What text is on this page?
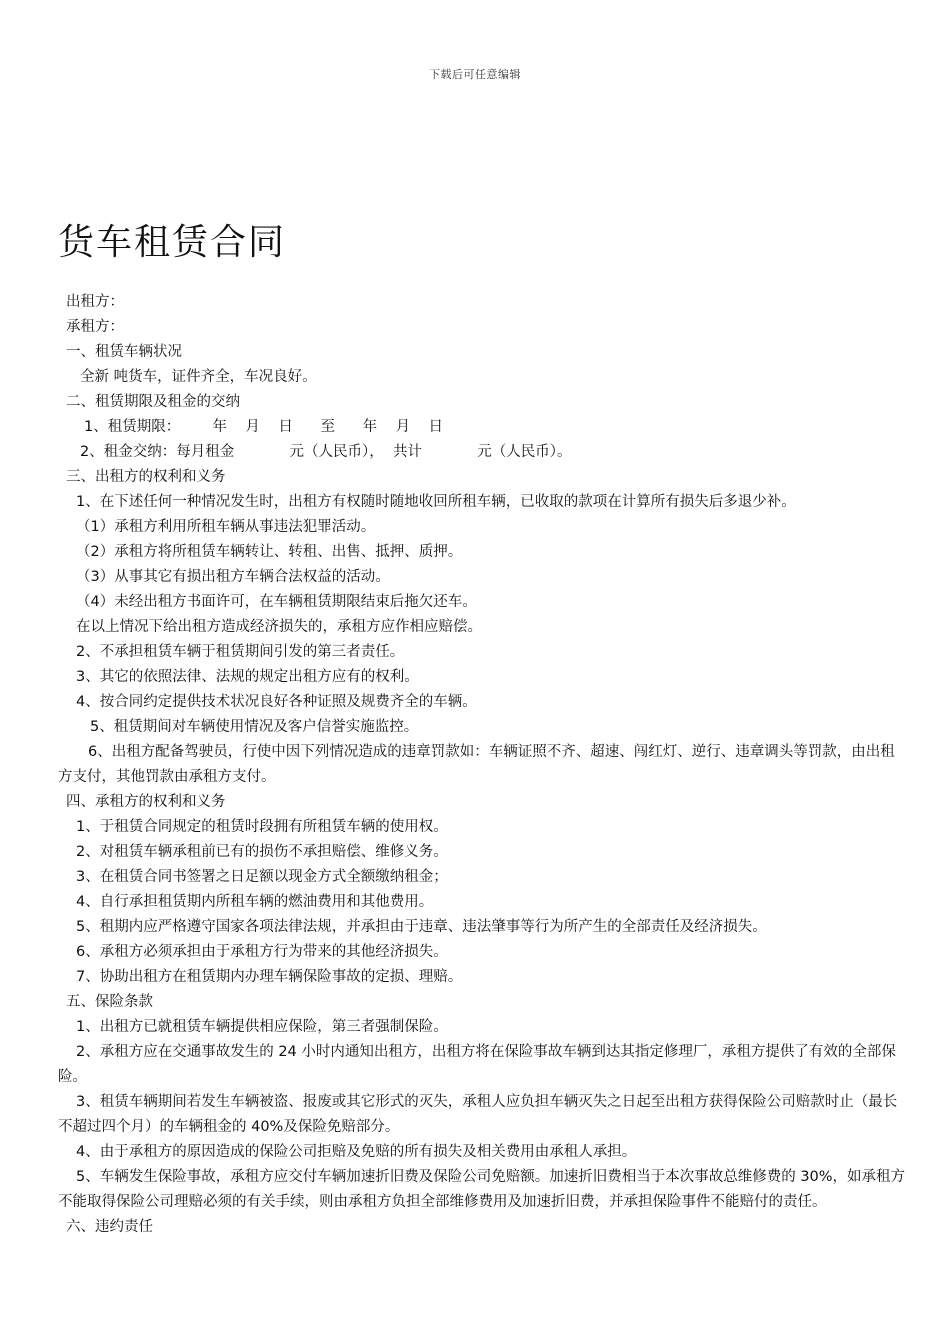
下载后可任意编辑
货车租赁合同

出租方：

承租方：

一、租赁车辆状况

全新 吨货车，证件齐全，车况良好。

二、租赁期限及租金的交纳

1、租赁期限：       年    月    日      至      年    月    日

2、租金交纳：每月租金            元（人民币），  共计            元（人民币）。

三、出租方的权利和义务

1、在下述任何一种情况发生时，出租方有权随时随地收回所租车辆，已收取的款项在计算所有损失后多退少补。

（1）承租方利用所租车辆从事违法犯罪活动。

（2）承租方将所租赁车辆转让、转租、出售、抵押、质押。

（3）从事其它有损出租方车辆合法权益的活动。

（4）未经出租方书面许可，在车辆租赁期限结束后拖欠还车。

在以上情况下给出租方造成经济损失的，承租方应作相应赔偿。

2、不承担租赁车辆于租赁期间引发的第三者责任。

3、其它的依照法律、法规的规定出租方应有的权利。

4、按合同约定提供技术状况良好各种证照及规费齐全的车辆。

5、租赁期间对车辆使用情况及客户信誉实施监控。

6、出租方配备驾驶员，行使中因下列情况造成的违章罚款如：车辆证照不齐、超速、闯红灯、逆行、违章调头等罚款，由出租方支付，其他罚款由承租方支付。

四、承租方的权利和义务

1、于租赁合同规定的租赁时段拥有所租赁车辆的使用权。

2、对租赁车辆承租前已有的损伤不承担赔偿、维修义务。

3、在租赁合同书签署之日足额以现金方式全额缴纳租金；

4、自行承担租赁期内所租车辆的燃油费用和其他费用。

5、租期内应严格遵守国家各项法律法规，并承担由于违章、违法肇事等行为所产生的全部责任及经济损失。

6、承租方必须承担由于承租方行为带来的其他经济损失。

7、协助出租方在租赁期内办理车辆保险事故的定损、理赔。

五、保险条款

1、出租方已就租赁车辆提供相应保险，第三者强制保险。

2、承租方应在交通事故发生的 24 小时内通知出租方，出租方将在保险事故车辆到达其指定修理厂，承租方提供了有效的全部保险。

3、租赁车辆期间若发生车辆被盗、报废或其它形式的灭失，承租人应负担车辆灭失之日起至出租方获得保险公司赔款时止（最长不超过四个月）的车辆租金的 40%及保险免赔部分。

4、由于承租方的原因造成的保险公司拒赔及免赔的所有损失及相关费用由承租人承担。

5、车辆发生保险事故，承租方应交付车辆加速折旧费及保险公司免赔额。加速折旧费相当于本次事故总维修费的 30%，如承租方不能取得保险公司理赔必须的有关手续，则由承租方负担全部维修费用及加速折旧费，并承担保险事件不能赔付的责任。

六、违约责任
